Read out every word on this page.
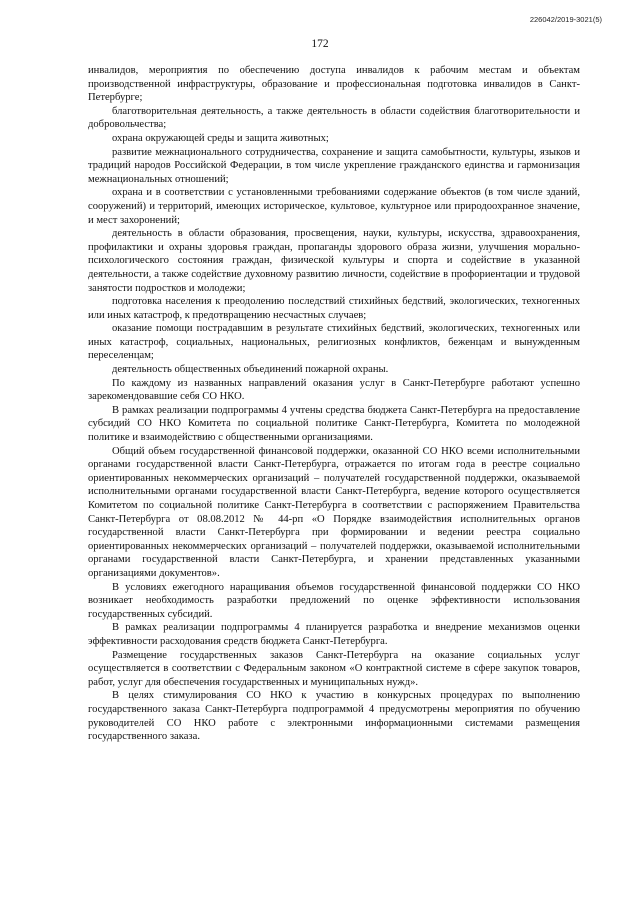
226042/2019-3021(5)
172

инвалидов, мероприятия по обеспечению доступа инвалидов к рабочим местам и объектам производственной инфраструктуры, образование и профессиональная подготовка инвалидов в Санкт-Петербурге;

благотворительная деятельность, а также деятельность в области содействия благотворительности и добровольчества;

охрана окружающей среды и защита животных;

развитие межнационального сотрудничества, сохранение и защита самобытности, культуры, языков и традиций народов Российской Федерации, в том числе укрепление гражданского единства и гармонизация межнациональных отношений;

охрана и в соответствии с установленными требованиями содержание объектов (в том числе зданий, сооружений) и территорий, имеющих историческое, культовое, культурное или природоохранное значение, и мест захоронений;

деятельность в области образования, просвещения, науки, культуры, искусства, здравоохранения, профилактики и охраны здоровья граждан, пропаганды здорового образа жизни, улучшения морально-психологического состояния граждан, физической культуры и спорта и содействие в указанной деятельности, а также содействие духовному развитию личности, содействие в профориентации и трудовой занятости подростков и молодежи;

подготовка населения к преодолению последствий стихийных бедствий, экологических, техногенных или иных катастроф, к предотвращению несчастных случаев;

оказание помощи пострадавшим в результате стихийных бедствий, экологических, техногенных или иных катастроф, социальных, национальных, религиозных конфликтов, беженцам и вынужденным переселенцам;

деятельность общественных объединений пожарной охраны.

По каждому из названных направлений оказания услуг в Санкт-Петербурге работают успешно зарекомендовавшие себя СО НКО.

В рамках реализации подпрограммы 4 учтены средства бюджета Санкт-Петербурга на предоставление субсидий СО НКО Комитета по социальной политике Санкт-Петербурга, Комитета по молодежной политике и взаимодействию с общественными организациями.

Общий объем государственной финансовой поддержки, оказанной СО НКО всеми исполнительными органами государственной власти Санкт-Петербурга, отражается по итогам года в реестре социально ориентированных некоммерческих организаций – получателей государственной поддержки, оказываемой исполнительными органами государственной власти Санкт-Петербурга, ведение которого осуществляется Комитетом по социальной политике Санкт-Петербурга в соответствии с распоряжением Правительства Санкт-Петербурга от 08.08.2012 № 44-рп «О Порядке взаимодействия исполнительных органов государственной власти Санкт-Петербурга при формировании и ведении реестра социально ориентированных некоммерческих организаций – получателей поддержки, оказываемой исполнительными органами государственной власти Санкт-Петербурга, и хранении представленных указанными организациями документов».

В условиях ежегодного наращивания объемов государственной финансовой поддержки СО НКО возникает необходимость разработки предложений по оценке эффективности использования государственных субсидий.

В рамках реализации подпрограммы 4 планируется разработка и внедрение механизмов оценки эффективности расходования средств бюджета Санкт-Петербурга.

Размещение государственных заказов Санкт-Петербурга на оказание социальных услуг осуществляется в соответствии с Федеральным законом «О контрактной системе в сфере закупок товаров, работ, услуг для обеспечения государственных и муниципальных нужд».

В целях стимулирования СО НКО к участию в конкурсных процедурах по выполнению государственного заказа Санкт-Петербурга подпрограммой 4 предусмотрены мероприятия по обучению руководителей СО НКО работе с электронными информационными системами размещения государственного заказа.
